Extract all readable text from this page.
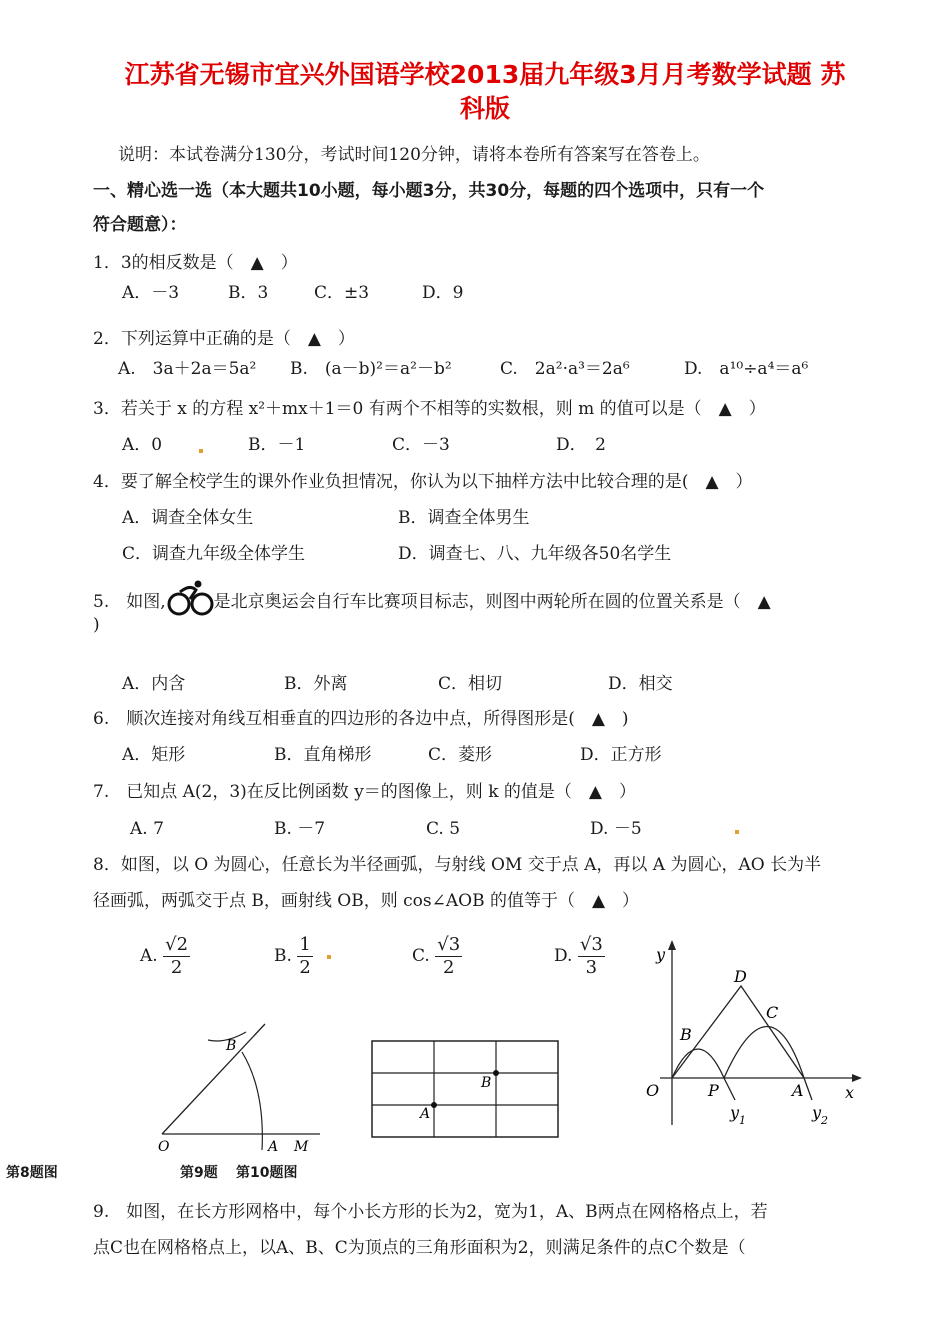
江苏省无锡市宜兴外国语学校2013届九年级3月月考数学试题 苏
科版
说明：本试卷满分130分，考试时间120分钟，请将本卷所有答案写在答卷上。
一、精心选一选（本大题共10小题，每小题3分，共30分，每题的四个选项中，只有一个
符合题意）：
1．3的相反数是（　▲　）
A．－3	B．3	C．±3	D．9
2．下列运算中正确的是（　▲　）
A.　3a＋2a＝5a² B.　(a－b)²＝a²－b²	C.　2a²·a³＝2a⁶	D.　a¹⁰÷a⁴＝a⁶
3．若关于 x 的方程 x²＋mx＋1＝0 有两个不相等的实数根，则 m 的值可以是（　▲　）
A．0	B．－1	C．－3	D．　2
4．要了解全校学生的课外作业负担情况，你认为以下抽样方法中比较合理的是(　▲　）
A．调查全体女生	B．调查全体男生
C．调查九年级全体学生	D．调查七、八、九年级各50名学生
5.　如图,	是北京奥运会自行车比赛项目标志，则图中两轮所在圆的位置关系是（　▲
)
A．内含	B．外离	C．相切	D．相交
6.　顺次连接对角线互相垂直的四边形的各边中点，所得图形是(　▲　)
A．矩形	B．直角梯形	C．菱形	D．正方形
7.　已知点 A(2，3)在反比例函数 y＝的图像上，则 k 的值是（　▲　）
A. 7	B. －7	C. 5	D. －5
8．如图，以 O 为圆心，任意长为半径画弧，与射线 OM 交于点 A，再以 A 为圆心，AO 长为半
径画弧，两弧交于点 B，画射线 OB，则 cos∠AOB 的值等于（　▲　）
A. $\frac{√2}{2}$	B. $\frac{1}{2}$	C. $\frac{√3}{2}$	D. $\frac{√3}{3}$
B
O	A M
A
B
y
x
O
D
B
C
P	A
y 1	y 2
第8题图	第9题 第10题图
9.　如图，在长方形网格中，每个小长方形的长为2，宽为1，A、B两点在网格格点上，若
点C也在网格格点上，以A、B、C为顶点的三角形面积为2，则满足条件的点C个数是（
